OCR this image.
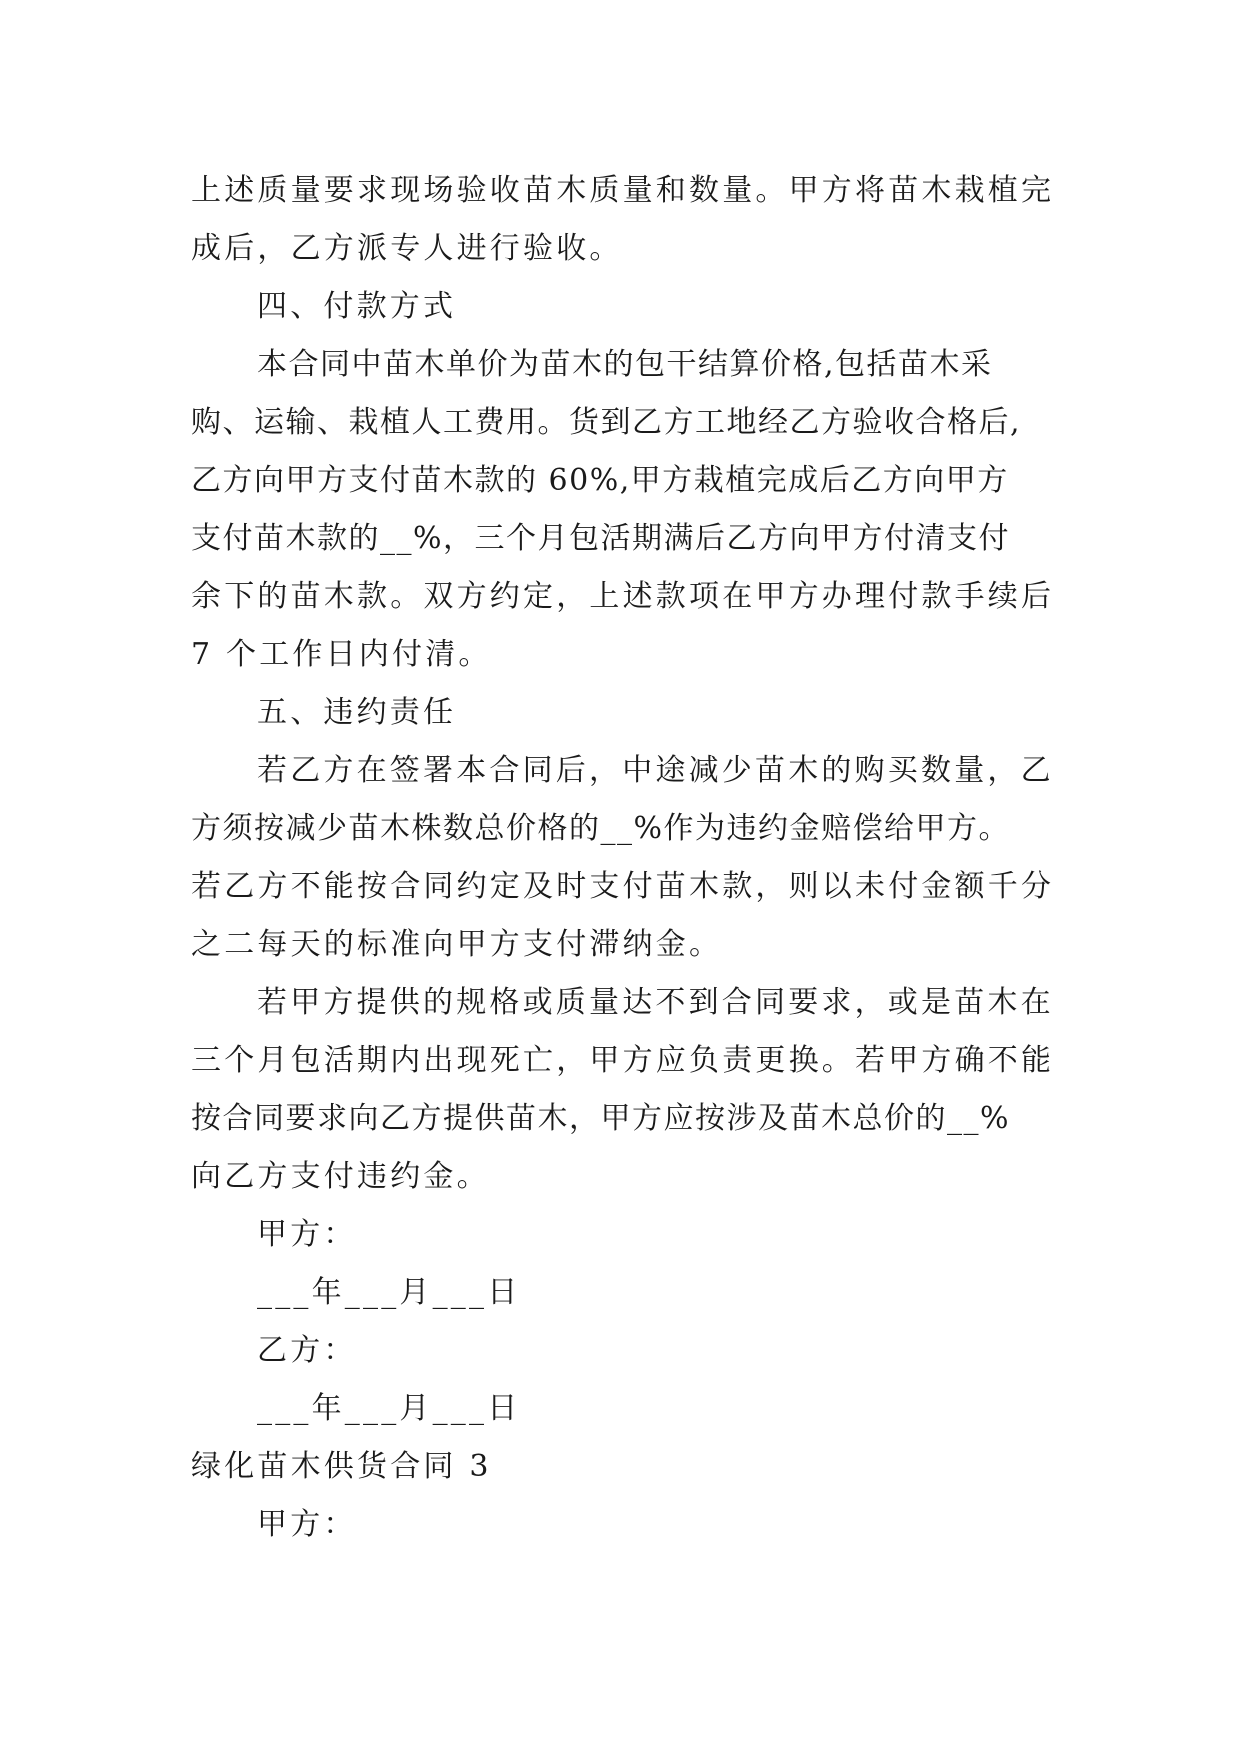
上述质量要求现场验收苗木质量和数量。甲方将苗木栽植完
成后，乙方派专人进行验收。
四、付款方式
本合同中苗木单价为苗木的包干结算价格,包括苗木采
购、运输、栽植人工费用。货到乙方工地经乙方验收合格后,
乙方向甲方支付苗木款的 60%,甲方栽植完成后乙方向甲方
支付苗木款的__%，三个月包活期满后乙方向甲方付清支付
余下的苗木款。双方约定，上述款项在甲方办理付款手续后
7 个工作日内付清。
五、违约责任
若乙方在签署本合同后，中途减少苗木的购买数量，乙
方须按减少苗木株数总价格的__%作为违约金赔偿给甲方。
若乙方不能按合同约定及时支付苗木款，则以未付金额千分
之二每天的标准向甲方支付滞纳金。
若甲方提供的规格或质量达不到合同要求，或是苗木在
三个月包活期内出现死亡，甲方应负责更换。若甲方确不能
按合同要求向乙方提供苗木，甲方应按涉及苗木总价的__%
向乙方支付违约金。
甲方：
___年___月___日
乙方：
___年___月___日
绿化苗木供货合同 3
甲方：
